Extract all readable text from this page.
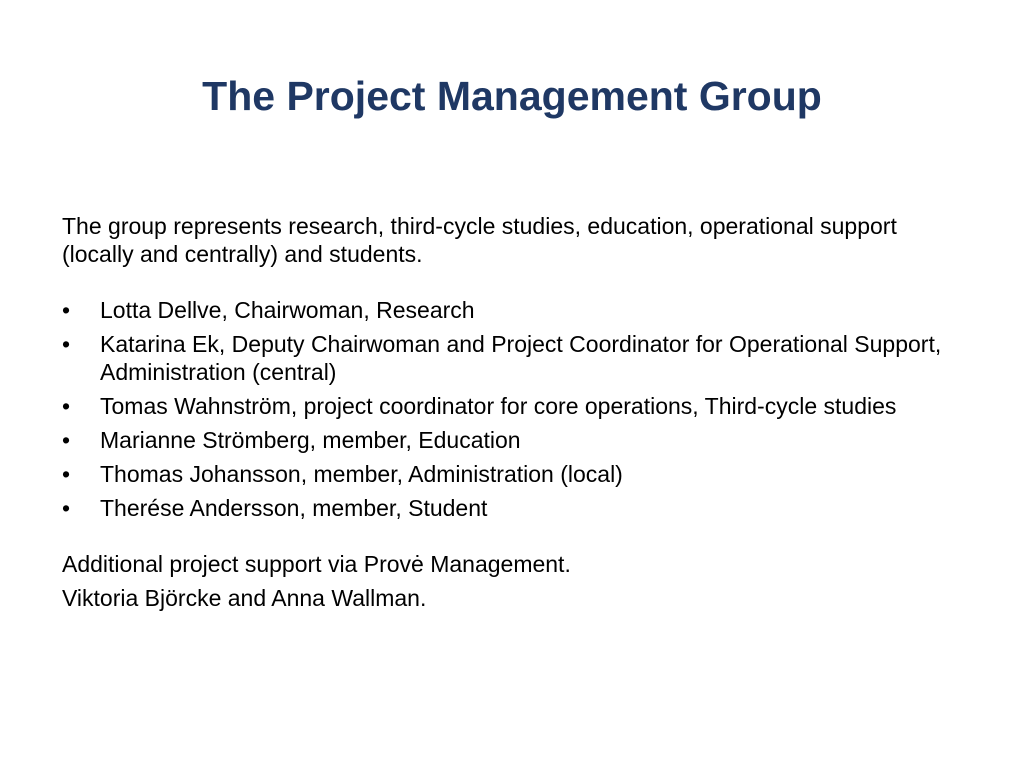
The Project Management Group

The group represents research, third-cycle studies, education, operational support (locally and centrally) and students.

•	Lotta Dellve, Chairwoman, Research
•	Katarina Ek, Deputy Chairwoman and Project Coordinator for Operational Support, Administration (central)
•	Tomas Wahnström, project coordinator for core operations, Third-cycle studies
•	Marianne Strömberg, member, Education
•	Thomas Johansson, member, Administration (local)
•	Therése Andersson, member, Student

Additional project support via Provė Management.

Viktoria Björcke and Anna Wallman.
